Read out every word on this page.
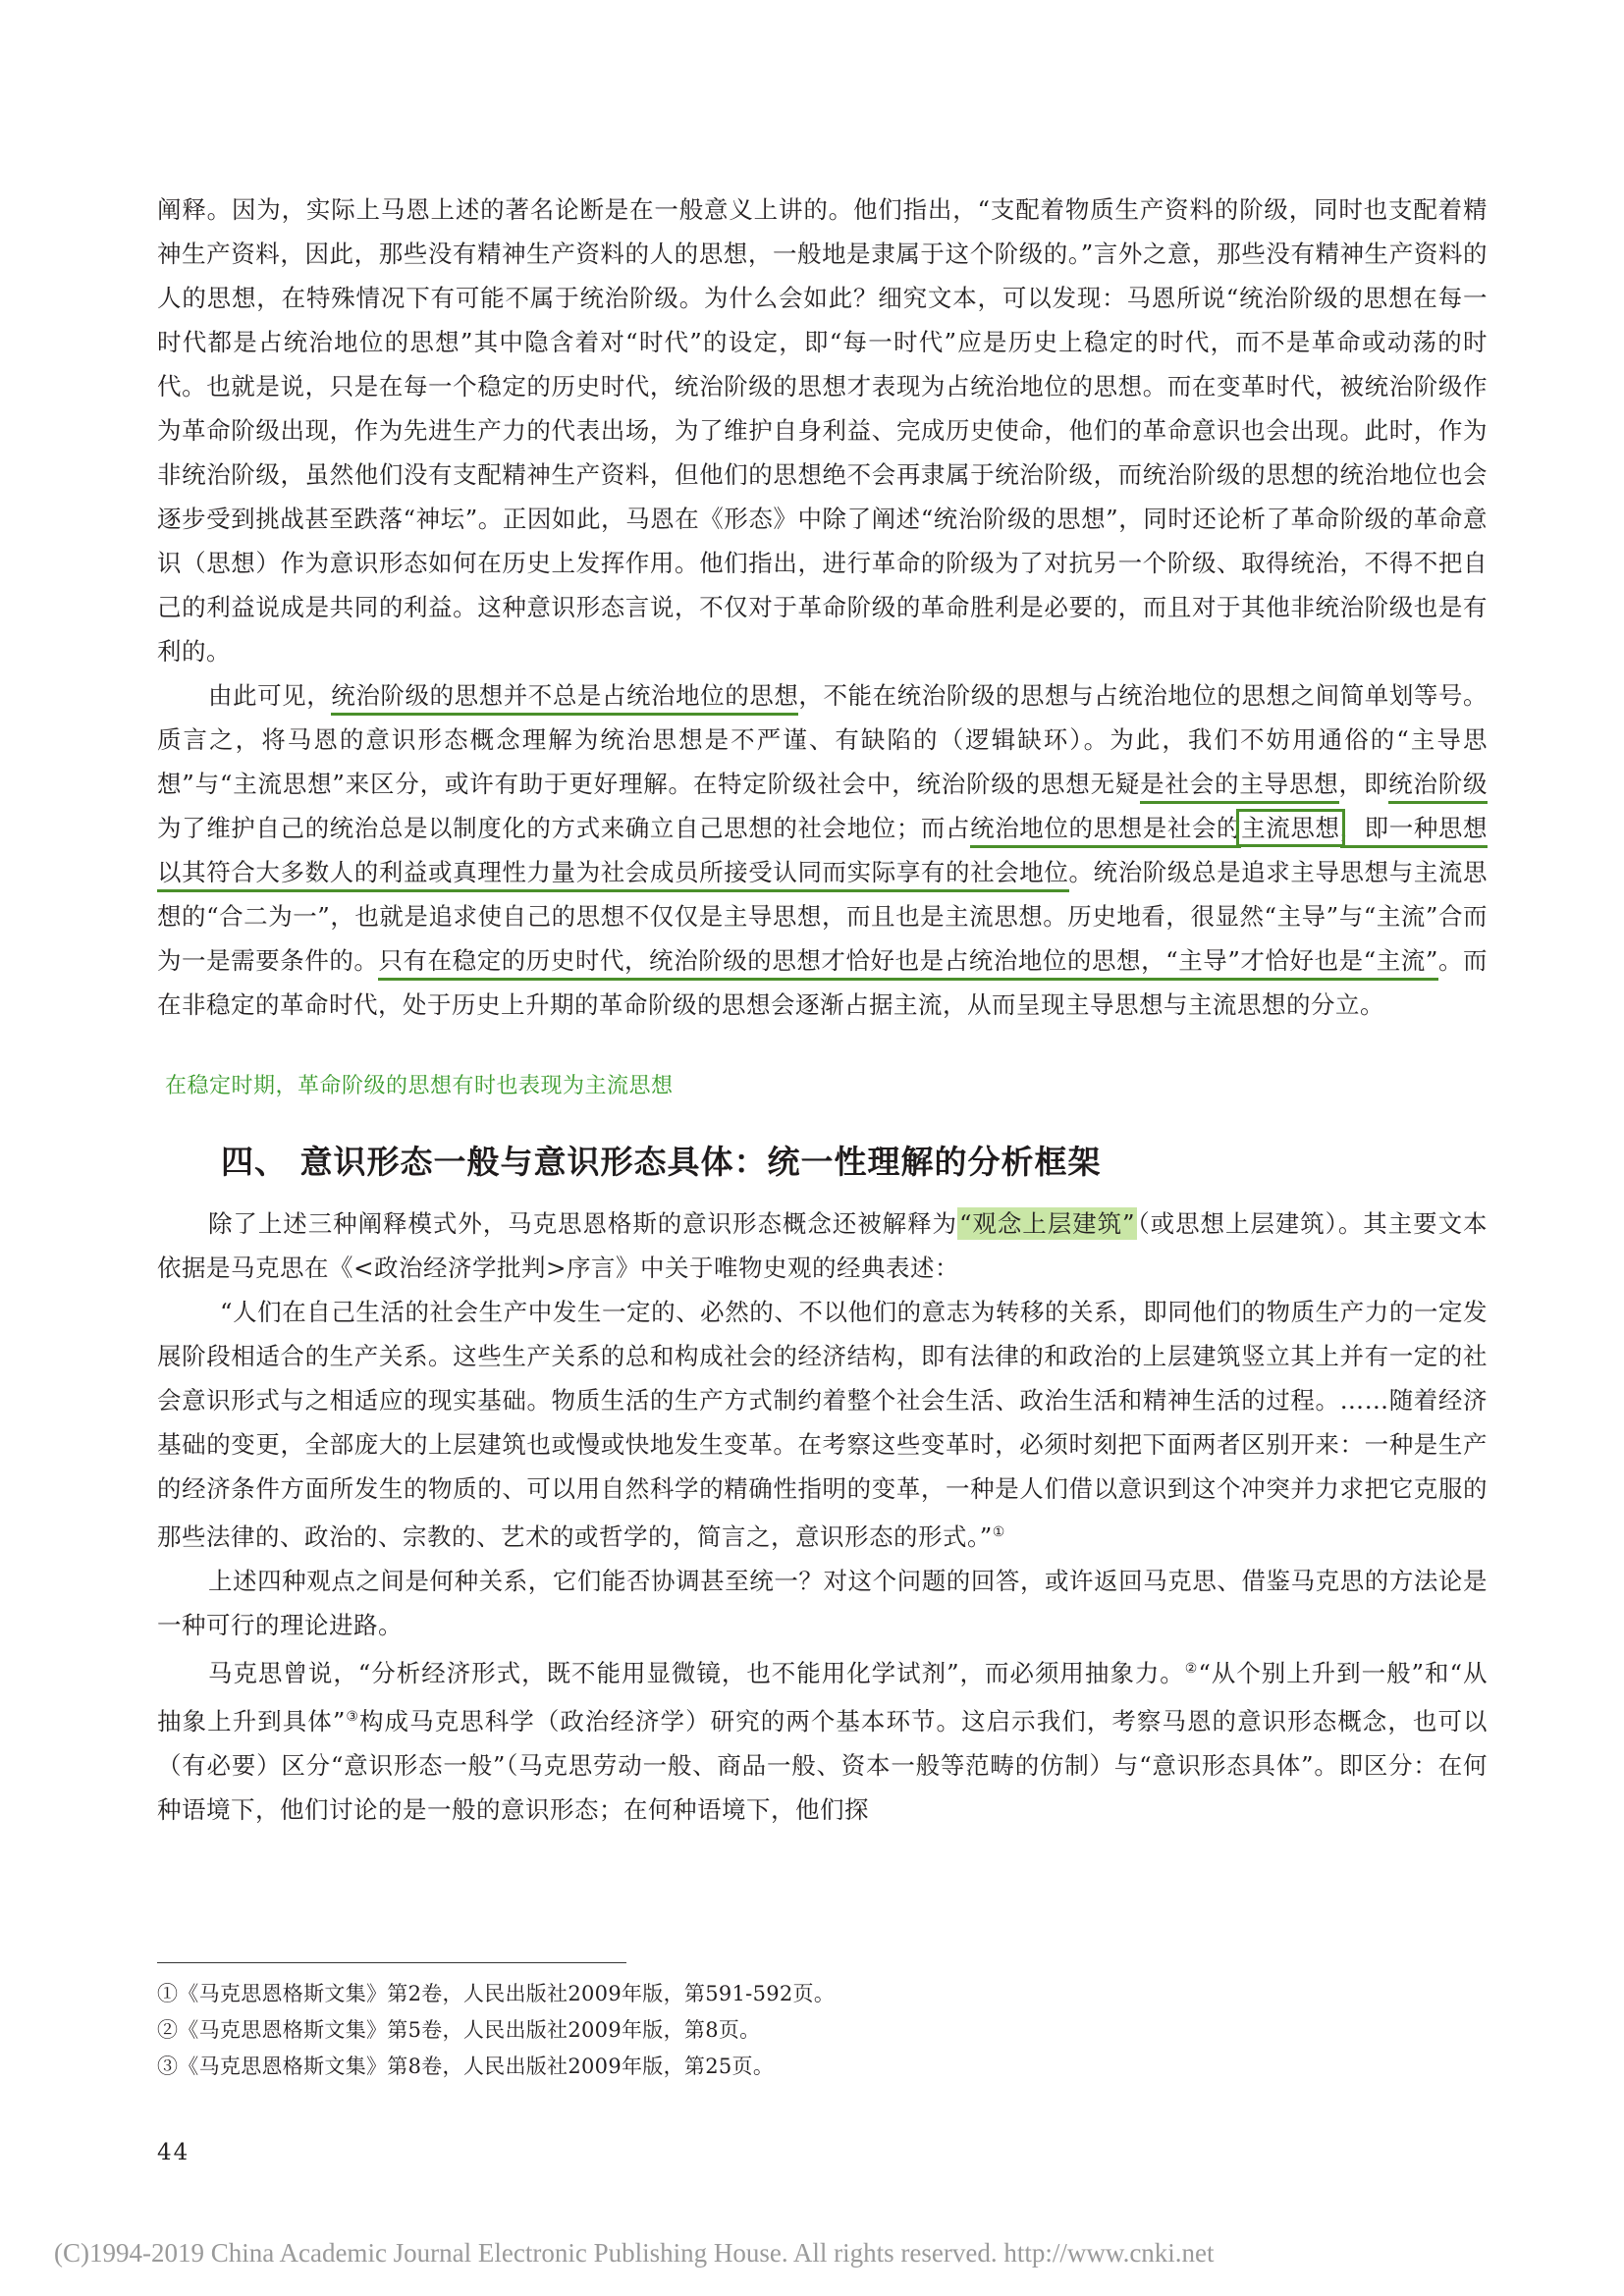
阐释。因为，实际上马恩上述的著名论断是在一般意义上讲的。他们指出，“支配着物质生产资料的阶级，同时也支配着精神生产资料，因此，那些没有精神生产资料的人的思想，一般地是隶属于这个阶级的。”言外之意，那些没有精神生产资料的人的思想，在特殊情况下有可能不属于统治阶级。为什么会如此？细究文本，可以发现：马恩所说“统治阶级的思想在每一时代都是占统治地位的思想”其中隐含着对“时代”的设定，即“每一时代”应是历史上稳定的时代，而不是革命或动荡的时代。也就是说，只是在每一个稳定的历史时代，统治阶级的思想才表现为占统治地位的思想。而在变革时代，被统治阶级作为革命阶级出现，作为先进生产力的代表出场，为了维护自身利益、完成历史使命，他们的革命意识也会出现。此时，作为非统治阶级，虽然他们没有支配精神生产资料，但他们的思想绝不会再隶属于统治阶级，而统治阶级的思想的统治地位也会逐步受到挑战甚至跌落“神坛”。正因如此，马恩在《形态》中除了阐述“统治阶级的思想”，同时还论析了革命阶级的革命意识（思想）作为意识形态如何在历史上发挥作用。他们指出，进行革命的阶级为了对抗另一个阶级、取得统治，不得不把自己的利益说成是共同的利益。这种意识形态言说，不仅对于革命阶级的革命胜利是必要的，而且对于其他非统治阶级也是有利的。

由此可见，统治阶级的思想并不总是占统治地位的思想，不能在统治阶级的思想与占统治地位的思想之间简单划等号。质言之，将马恩的意识形态概念理解为统治思想是不严谨、有缺陷的（逻辑缺环）。为此，我们不妨用通俗的“主导思想”与“主流思想”来区分，或许有助于更好理解。在特定阶级社会中，统治阶级的思想无疑是社会的主导思想，即统治阶级为了维护自己的统治总是以制度化的方式来确立自己思想的社会地位；而占统治地位的思想是社会的主流思想，即一种思想以其符合大多数人的利益或真理性力量为社会成员所接受认同而实际享有的社会地位。统治阶级总是追求主导思想与主流思想的“合二为一”，也就是追求使自己的思想不仅仅是主导思想，而且也是主流思想。历史地看，很显然“主导”与“主流”合而为一是需要条件的。只有在稳定的历史时代，统治阶级的思想才恰好也是占统治地位的思想，“主导”才恰好也是“主流”。而在非稳定的革命时代，处于历史上升期的革命阶级的思想会逐渐占据主流，从而呈现主导思想与主流思想的分立。

在稳定时期，革命阶级的思想有时也表现为主流思想
四、 意识形态一般与意识形态具体：统一性理解的分析框架

除了上述三种阐释模式外，马克思恩格斯的意识形态概念还被解释为“观念上层建筑”（或思想上层建筑）。其主要文本依据是马克思在《<政治经济学批判>序言》中关于唯物史观的经典表述：

“人们在自己生活的社会生产中发生一定的、必然的、不以他们的意志为转移的关系，即同他们的物质生产力的一定发展阶段相适合的生产关系。这些生产关系的总和构成社会的经济结构，即有法律的和政治的上层建筑竖立其上并有一定的社会意识形式与之相适应的现实基础。物质生活的生产方式制约着整个社会生活、政治生活和精神生活的过程。……随着经济基础的变更，全部庞大的上层建筑也或慢或快地发生变革。在考察这些变革时，必须时刻把下面两者区别开来：一种是生产的经济条件方面所发生的物质的、可以用自然科学的精确性指明的变革，一种是人们借以意识到这个冲突并力求把它克服的那些法律的、政治的、宗教的、艺术的或哲学的，简言之，意识形态的形式。”①

上述四种观点之间是何种关系，它们能否协调甚至统一？对这个问题的回答，或许返回马克思、借鉴马克思的方法论是一种可行的理论进路。

马克思曾说，“分析经济形式，既不能用显微镜，也不能用化学试剂”，而必须用抽象力。②“从个别上升到一般”和“从抽象上升到具体”③构成马克思科学（政治经济学）研究的两个基本环节。这启示我们，考察马恩的意识形态概念，也可以（有必要）区分“意识形态一般”（马克思劳动一般、商品一般、资本一般等范畴的仿制）与“意识形态具体”。即区分：在何种语境下，他们讨论的是一般的意识形态；在何种语境下，他们探

①《马克思恩格斯文集》第2卷，人民出版社2009年版，第591-592页。

②《马克思恩格斯文集》第5卷，人民出版社2009年版，第8页。

③《马克思恩格斯文集》第8卷，人民出版社2009年版，第25页。

44

(C)1994-2019 China Academic Journal Electronic Publishing House. All rights reserved. http://www.cnki.net
